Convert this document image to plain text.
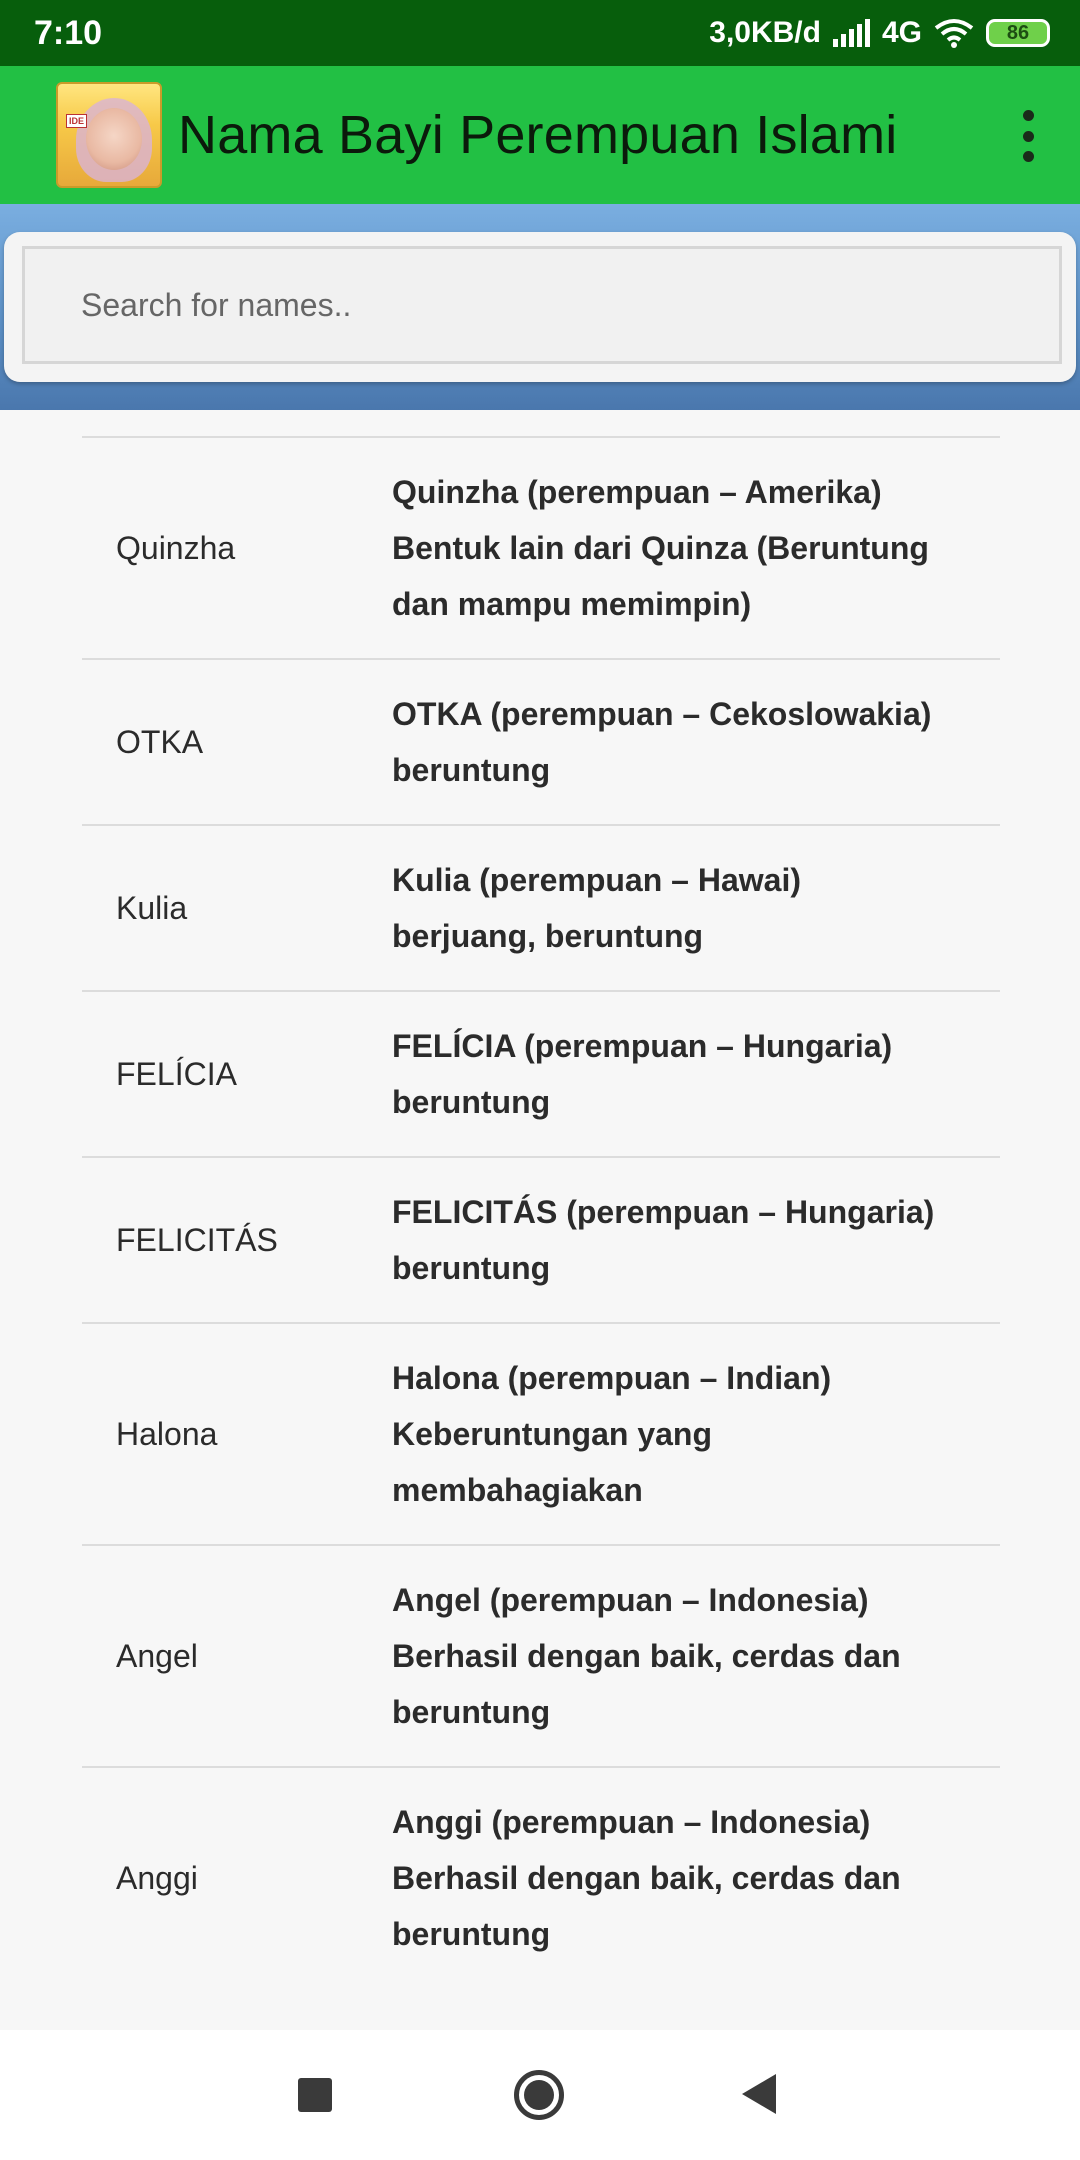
7:10	3,0KB/d 4G	86
IDE Nama Bayi Perempuan Islami
Search for names..
Quinzha
Quinzha (perempuan – Amerika)
Bentuk lain dari Quinza (Beruntung
dan mampu memimpin)
OTKA
OTKA (perempuan – Cekoslowakia)
beruntung
Kulia
Kulia (perempuan – Hawai)
berjuang, beruntung
FELÍCIA
FELÍCIA (perempuan – Hungaria)
beruntung
FELICITÁS
FELICITÁS (perempuan – Hungaria)
beruntung
Halona
Halona (perempuan – Indian)
Keberuntungan yang
membahagiakan
Angel
Angel (perempuan – Indonesia)
Berhasil dengan baik, cerdas dan
beruntung
Anggi
Anggi (perempuan – Indonesia)
Berhasil dengan baik, cerdas dan
beruntung
